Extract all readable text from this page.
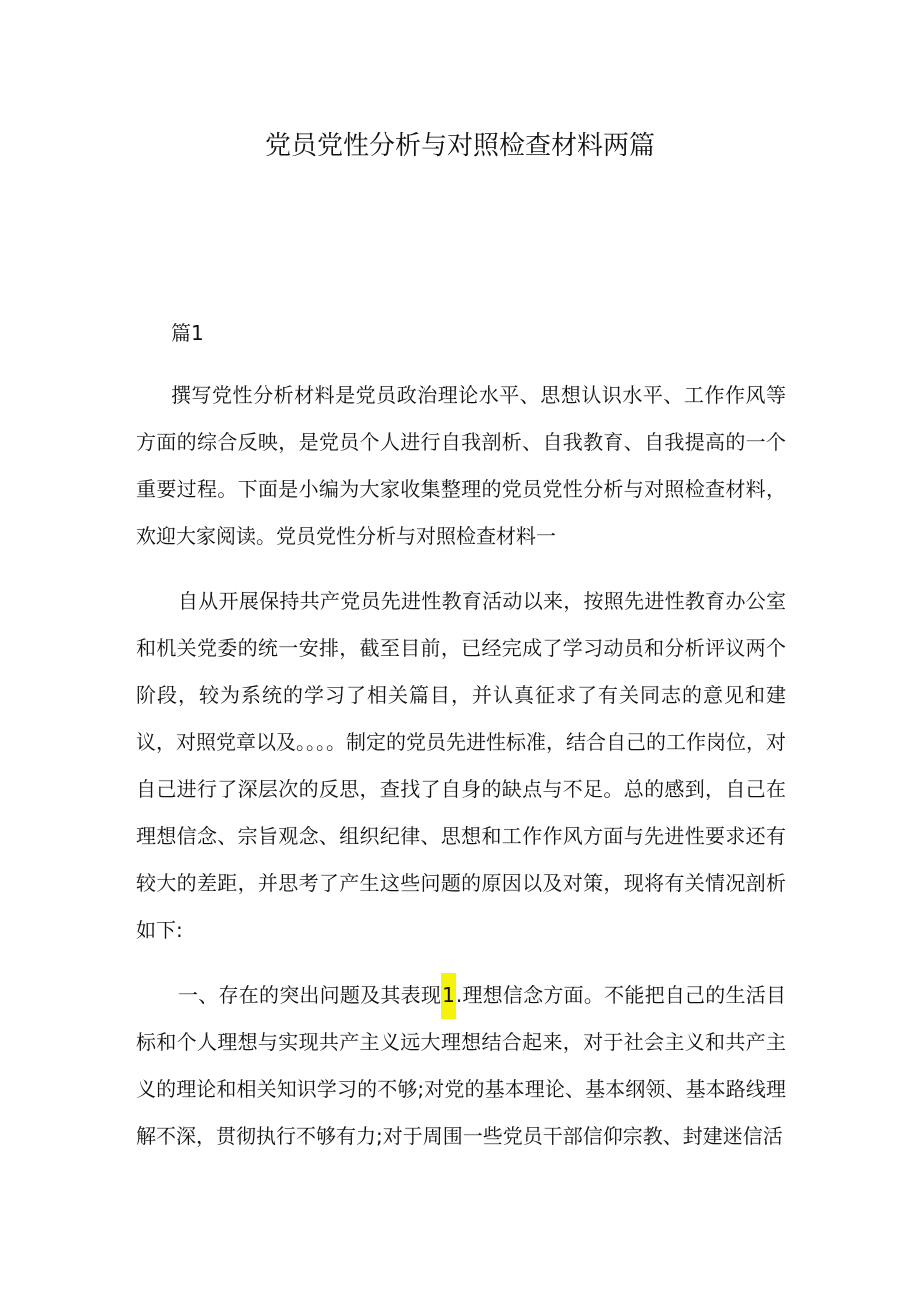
党员党性分析与对照检查材料两篇

篇1

撰写党性分析材料是党员政治理论水平、思想认识水平、工作作风等方面的综合反映，是党员个人进行自我剖析、自我教育、自我提高的一个重要过程。下面是小编为大家收集整理的党员党性分析与对照检查材料，欢迎大家阅读。党员党性分析与对照检查材料一

自从开展保持共产党员先进性教育活动以来，按照先进性教育办公室和机关党委的统一安排，截至目前，已经完成了学习动员和分析评议两个阶段，较为系统的学习了相关篇目，并认真征求了有关同志的意见和建议，对照党章以及。。。。制定的党员先进性标准，结合自己的工作岗位，对自己进行了深层次的反思，查找了自身的缺点与不足。总的感到，自己在理想信念、宗旨观念、组织纪律、思想和工作作风方面与先进性要求还有较大的差距，并思考了产生这些问题的原因以及对策，现将有关情况剖析如下:

一、存在的突出问题及其表现1.理想信念方面。不能把自己的生活目标和个人理想与实现共产主义远大理想结合起来，对于社会主义和共产主义的理论和相关知识学习的不够;对党的基本理论、基本纲领、基本路线理解不深，贯彻执行不够有力;对于周围一些党员干部信仰宗教、封建迷信活
